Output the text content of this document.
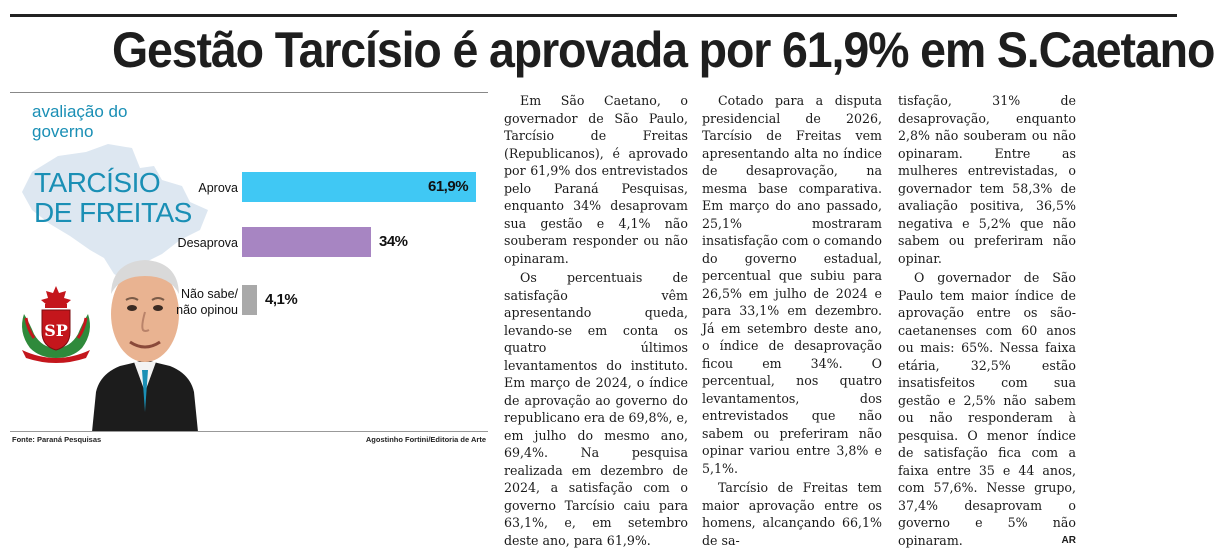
Gestão Tarcísio é aprovada por 61,9% em S.Caetano
avaliação do governo
TARCÍSIO
DE FREITAS
SP
Aprova	61,9%
Desaprova	34%
Não sabe/
não opinou
4,1%
Fonte: Paraná Pesquisas	Agostinho Fortini/Editoria de Arte

Em São Caetano, o governador de São Paulo, Tarcísio de Freitas (Republicanos), é aprovado por 61,9% dos entrevistados pelo Paraná Pesquisas, enquanto 34% desaprovam sua gestão e 4,1% não souberam responder ou não opinaram.

Os percentuais de satisfação vêm apresentando queda, levando-se em conta os quatro últimos levantamentos do instituto. Em março de 2024, o índice de aprovação ao governo do republicano era de 69,8%, e, em julho do mesmo ano, 69,4%. Na pesquisa realizada em dezembro de 2024, a satisfação com o governo Tarcísio caiu para 63,1%, e, em setembro deste ano, para 61,9%.

Cotado para a disputa presidencial de 2026, Tarcísio de Freitas vem apresentando alta no índice de desaprovação, na mesma base comparativa. Em março do ano passado, 25,1% mostraram insatisfação com o comando do governo estadual, percentual que subiu para 26,5% em julho de 2024 e para 33,1% em dezembro. Já em setembro deste ano, o índice de desaprovação ficou em 34%. O percentual, nos quatro levantamentos, dos entrevistados que não sabem ou preferiram não opinar variou entre 3,8% e 5,1%.

Tarcísio de Freitas tem maior aprovação entre os homens, alcançando 66,1% de sa-

tisfação, 31% de desaprovação, enquanto 2,8% não souberam ou não opinaram. Entre as mulheres entrevistadas, o governador tem 58,3% de avaliação positiva, 36,5% negativa e 5,2% que não sabem ou preferiram não opinar.

O governador de São Paulo tem maior índice de aprovação entre os são-caetanenses com 60 anos ou mais: 65%. Nessa faixa etária, 32,5% estão insatisfeitos com sua gestão e 2,5% não sabem ou não responderam à pesquisa. O menor índice de satisfação fica com a faixa entre 35 e 44 anos, com 57,6%. Nesse grupo, 37,4% desaprovam o governo e 5% não opinaram.	AR
